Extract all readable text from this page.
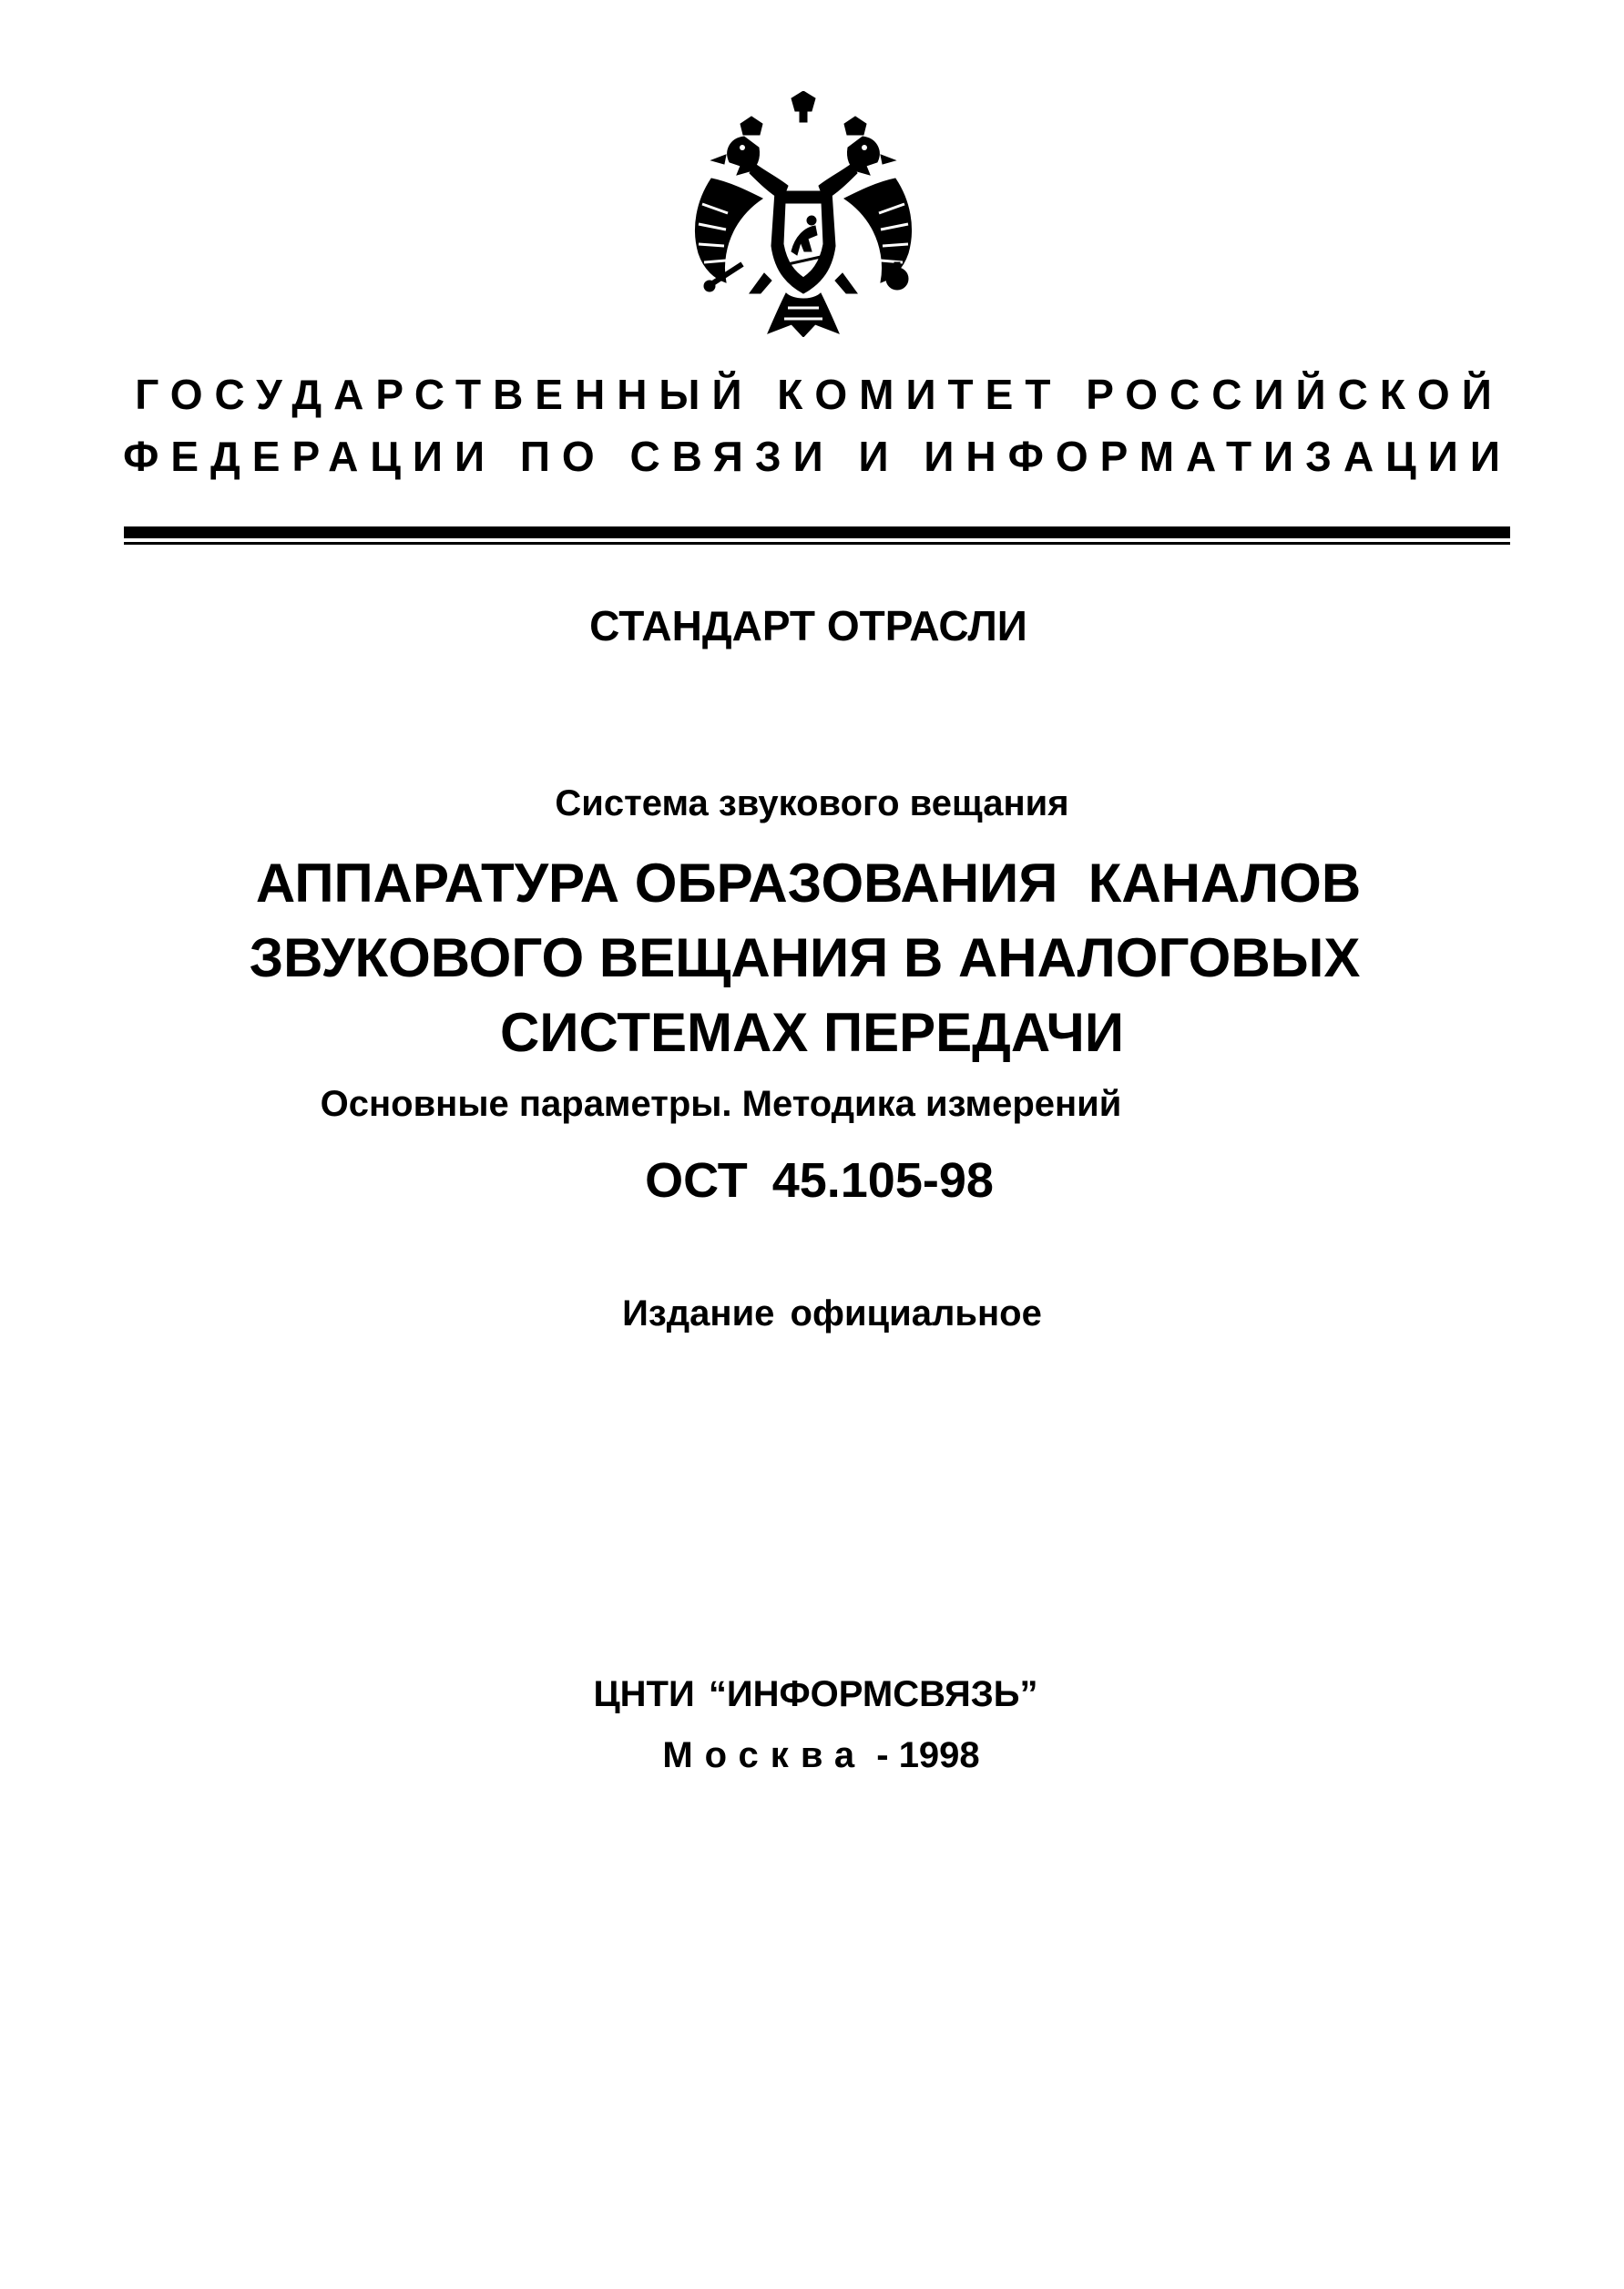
ГОСУДАРСТВЕННЫЙ КОМИТЕТ РОССИЙСКОЙ
ФЕДЕРАЦИИ ПО СВЯЗИ И ИНФОРМАТИЗАЦИИ
СТАНДАРТ ОТРАСЛИ
Система звукового вещания
АППАРАТУРА ОБРАЗОВАНИЯ  КАНАЛОВ
ЗВУКОВОГО ВЕЩАНИЯ В АНАЛОГОВЫХ
СИСТЕМАХ ПЕРЕДАЧИ
Основные параметры. Методика измерений
ОСТ 45.105-98
Издание официальное
ЦНТИ “ИНФОРМСВЯЗЬ”
Москва - 1998
